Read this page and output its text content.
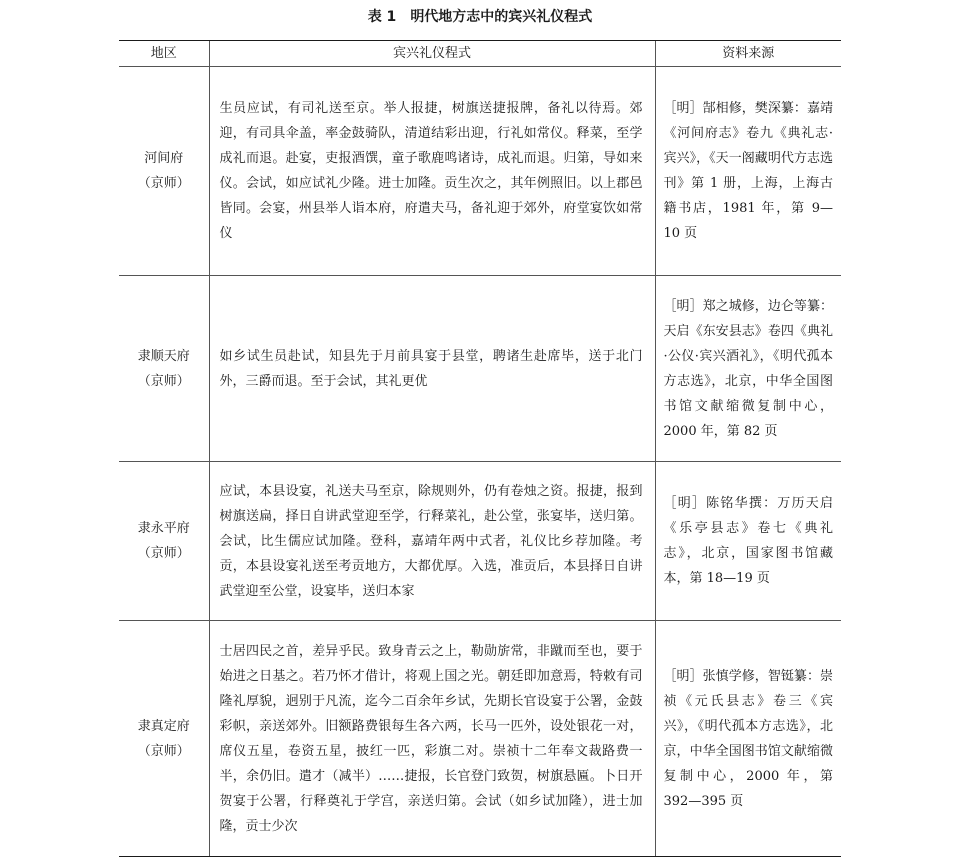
表 1 明代地方志中的宾兴礼仪程式
地区	宾兴礼仪程式	资料来源

河间府
（京师）	生员应试，有司礼送至京。举人报捷，树旗送捷报牌，备礼以待焉。郊迎，有司具伞盖，率金鼓骑队，清道结彩出迎，行礼如常仪。释菜，至学成礼而退。赴宴，吏报酒馔，童子歌鹿鸣诸诗，成礼而退。归第，导如来仪。会试，如应试礼少隆。进士加隆。贡生次之，其年例照旧。以上郡邑皆同。会宴，州县举人诣本府，府遣夫马，备礼迎于郊外，府堂宴饮如常仪	［明］郜相修，樊深纂：嘉靖《河间府志》卷九《典礼志·宾兴》，《天一阁藏明代方志选刊》第 1 册，上海，上海古籍书店，1981 年，第 9—10 页

隶顺天府
（京师）	如乡试生员赴试，知县先于月前具宴于县堂，聘诸生赴席毕，送于北门外，三爵而退。至于会试，其礼更优	［明］郑之城修，边仑等纂：天启《东安县志》卷四《典礼·公仪·宾兴酒礼》，《明代孤本方志选》，北京，中华全国图书馆文献缩微复制中心，2000 年，第 82 页

隶永平府
（京师）	应试，本县设宴，礼送夫马至京，除规则外，仍有卷烛之资。报捷，报到树旗送扁，择日自讲武堂迎至学，行释菜礼，赴公堂，张宴毕，送归第。会试，比生儒应试加隆。登科，嘉靖年两中式者，礼仪比乡荐加隆。考贡，本县设宴礼送至考贡地方，大都优厚。入选，准贡后，本县择日自讲武堂迎至公堂，设宴毕，送归本家	［明］陈铭华撰：万历天启《乐亭县志》卷七《典礼志》，北京，国家图书馆藏本，第 18—19 页

隶真定府
（京师）	士居四民之首，差异乎民。致身青云之上，勒勋旂常，非蹴而至也，要于始进之日基之。若乃怀才借计，将观上国之光。朝廷即加意焉，特敕有司隆礼厚貌，迥别于凡流，迄今二百余年乡试，先期长官设宴于公署，金鼓彩帜，亲送郊外。旧额路费银每生各六两，长马一匹外，设处银花一对，席仪五星，卷资五星，披红一匹，彩旗二对。崇祯十二年奉文裁路费一半，余仍旧。遣才（减半）……捷报，长官登门致贺，树旗悬匾。卜日开贺宴于公署，行释奠礼于学宫，亲送归第。会试（如乡试加隆），进士加隆，贡士少次	［明］张慎学修，智铤纂：崇祯《元氏县志》卷三《宾兴》，《明代孤本方志选》，北京，中华全国图书馆文献缩微复制中心，2000 年，第 392—395 页
